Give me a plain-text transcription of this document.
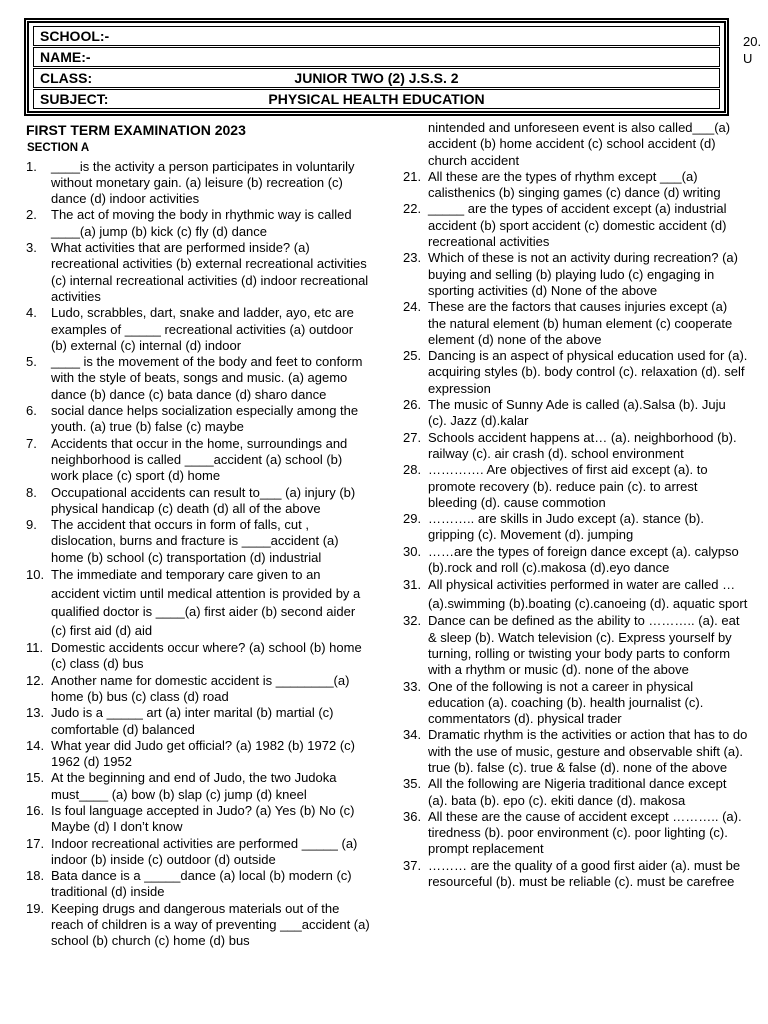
SCHOOL:-
NAME:-
CLASS:	JUNIOR TWO (2) J.S.S. 2
SUBJECT:	PHYSICAL HEALTH EDUCATION
20.
U
FIRST TERM EXAMINATION 2023
SECTION A
1. ____is the activity a person participates in voluntarily without monetary gain. (a) leisure (b) recreation (c) dance (d) indoor activities
2. The act of moving the body in rhythmic way is called ____(a) jump (b) kick (c) fly (d) dance
3. What activities that are performed inside? (a) recreational activities (b) external recreational activities (c) internal recreational activities (d) indoor recreational activities
4. Ludo, scrabbles, dart, snake and ladder, ayo, etc are examples of _____ recreational activities (a) outdoor (b) external (c) internal (d) indoor
5. ____ is the movement of the body and feet to conform with the style of beats, songs and music. (a) agemo dance (b) dance (c) bata dance (d) sharo dance
6. social dance helps socialization especially among the youth. (a) true (b) false (c) maybe
7. Accidents that occur in the home, surroundings and neighborhood is called ____accident (a) school (b) work place (c) sport (d) home
8. Occupational accidents can result to___ (a) injury (b) physical handicap (c) death (d) all of the above
9. The accident that occurs in form of falls, cut , dislocation, burns and fracture is ____accident (a) home (b) school (c) transportation (d) industrial
10. The immediate and temporary care given to an accident victim until medical attention is provided by a qualified doctor is ____(a) first aider (b) second aider (c) first aid (d) aid
11. Domestic accidents occur where? (a) school (b) home (c) class (d) bus
12. Another name for domestic accident is ________(a) home (b) bus (c) class (d) road
13. Judo is a _____ art (a) inter marital (b) martial (c) comfortable (d) balanced
14. What year did Judo get official? (a) 1982 (b) 1972 (c) 1962 (d) 1952
15. At the beginning and end of Judo, the two Judoka must____ (a) bow (b) slap (c) jump (d) kneel
16. Is foul language accepted in Judo? (a) Yes (b) No (c) Maybe (d) I don’t know
17. Indoor recreational activities are performed _____ (a) indoor (b) inside (c) outdoor (d) outside
18. Bata dance is a _____dance (a) local (b) modern (c) traditional (d) inside
19. Keeping drugs and dangerous materials out of the reach of children is a way of preventing ___accident (a) school (b) church (c) home (d) bus
nintended and unforeseen event is also called___(a) accident (b) home accident (c) school accident (d) church accident
21. All these are the types of rhythm except ___(a) calisthenics (b) singing games (c) dance (d) writing
22. _____ are the types of accident except (a) industrial accident (b) sport accident (c) domestic accident (d) recreational activities
23. Which of these is not an activity during recreation? (a) buying and selling (b) playing ludo (c) engaging in sporting activities (d) None of the above
24. These are the factors that causes injuries except (a) the natural element (b) human element (c) cooperate element (d) none of the above
25. Dancing is an aspect of physical education used for (a). acquiring styles (b). body control (c). relaxation (d). self expression
26. The music of Sunny Ade is called (a).Salsa (b). Juju (c). Jazz (d).kalar
27. Schools accident happens at… (a). neighborhood (b). railway (c). air crash (d). school environment
28. …………. Are objectives of first aid except (a). to promote recovery (b). reduce pain (c). to arrest bleeding (d). cause commotion
29. ……….. are skills in Judo except (a). stance (b). gripping (c). Movement (d). jumping
30. ……are the types of foreign dance except (a). calypso (b).rock and roll (c).makosa (d).eyo dance
31. All physical activities performed in water are called …(a).swimming (b).boating (c).canoeing (d). aquatic sport
32. Dance can be defined as the ability to ……….. (a). eat & sleep (b). Watch television (c). Express yourself by turning, rolling or twisting your body parts to conform with a rhythm or music (d). none of the above
33. One of the following is not a career in physical education (a). coaching (b). health journalist (c). commentators (d). physical trader
34. Dramatic rhythm is the activities or action that has to do with the use of music, gesture and observable shift (a). true (b). false (c). true & false (d). none of the above
35. All the following are Nigeria traditional dance except (a). bata (b). epo (c). ekiti dance (d). makosa
36. All these are the cause of accident except ……….. (a). tiredness (b). poor environment (c). poor lighting (c). prompt replacement
37. ……… are the quality of a good first aider (a). must be resourceful (b). must be reliable (c). must be carefree
